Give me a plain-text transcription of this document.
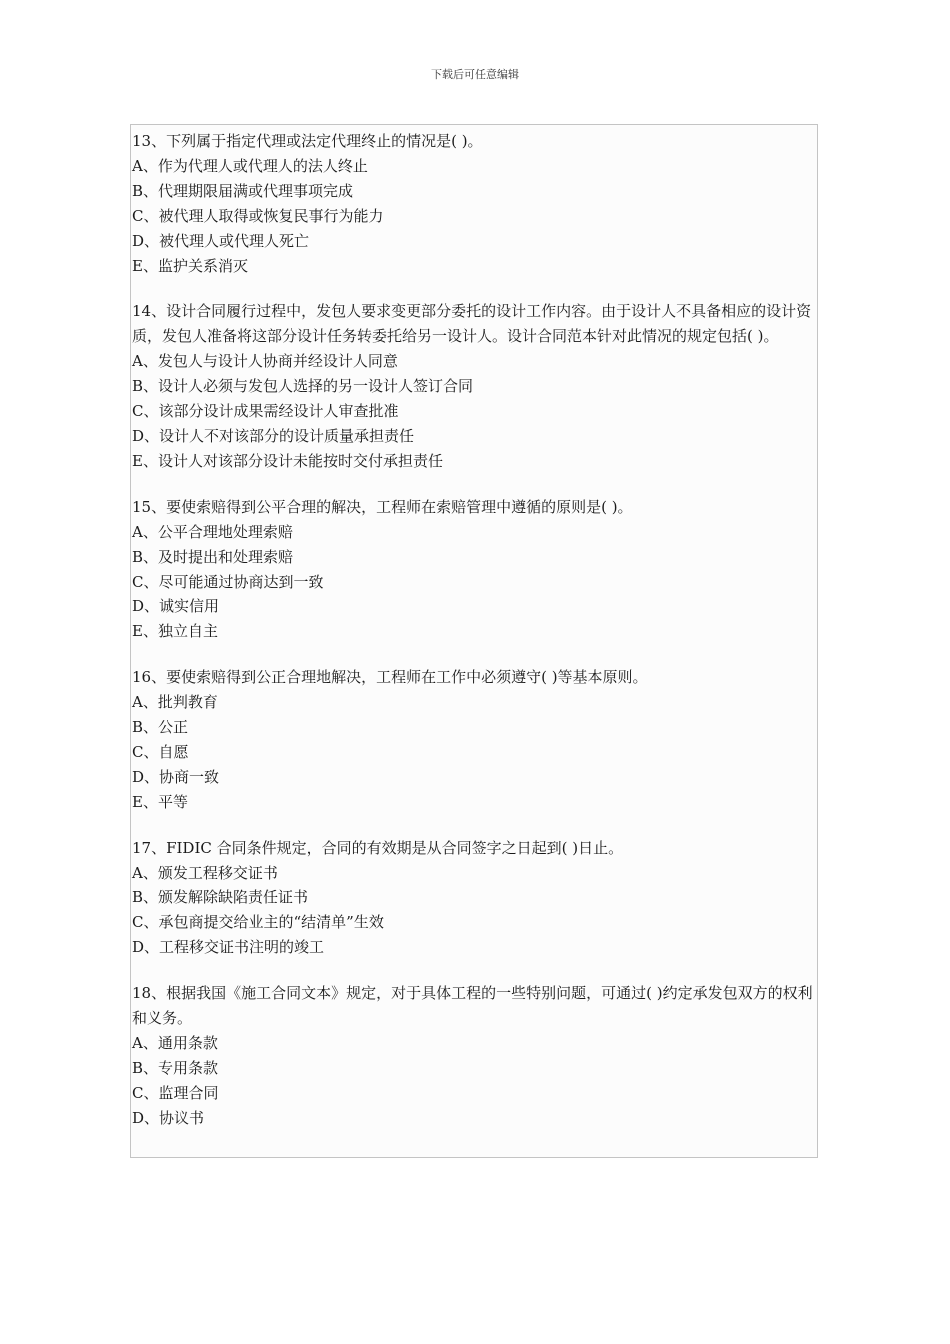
下载后可任意编辑
13、下列属于指定代理或法定代理终止的情况是( )。
A、作为代理人或代理人的法人终止
B、代理期限届满或代理事项完成
C、被代理人取得或恢复民事行为能力
D、被代理人或代理人死亡
E、监护关系消灭
14、设计合同履行过程中，发包人要求变更部分委托的设计工作内容。由于设计人不具备相应的设计资质，发包人准备将这部分设计任务转委托给另一设计人。设计合同范本针对此情况的规定包括( )。
A、发包人与设计人协商并经设计人同意
B、设计人必须与发包人选择的另一设计人签订合同
C、该部分设计成果需经设计人审查批准
D、设计人不对该部分的设计质量承担责任
E、设计人对该部分设计未能按时交付承担责任
15、要使索赔得到公平合理的解决，工程师在索赔管理中遵循的原则是( )。
A、公平合理地处理索赔
B、及时提出和处理索赔
C、尽可能通过协商达到一致
D、诚实信用
E、独立自主
16、要使索赔得到公正合理地解决，工程师在工作中必须遵守( )等基本原则。
A、批判教育
B、公正
C、自愿
D、协商一致
E、平等
17、FIDIC 合同条件规定，合同的有效期是从合同签字之日起到( )日止。
A、颁发工程移交证书
B、颁发解除缺陷责任证书
C、承包商提交给业主的“结清单”生效
D、工程移交证书注明的竣工
18、根据我国《施工合同文本》规定，对于具体工程的一些特别问题，可通过( )约定承发包双方的权利和义务。
A、通用条款
B、专用条款
C、监理合同
D、协议书
